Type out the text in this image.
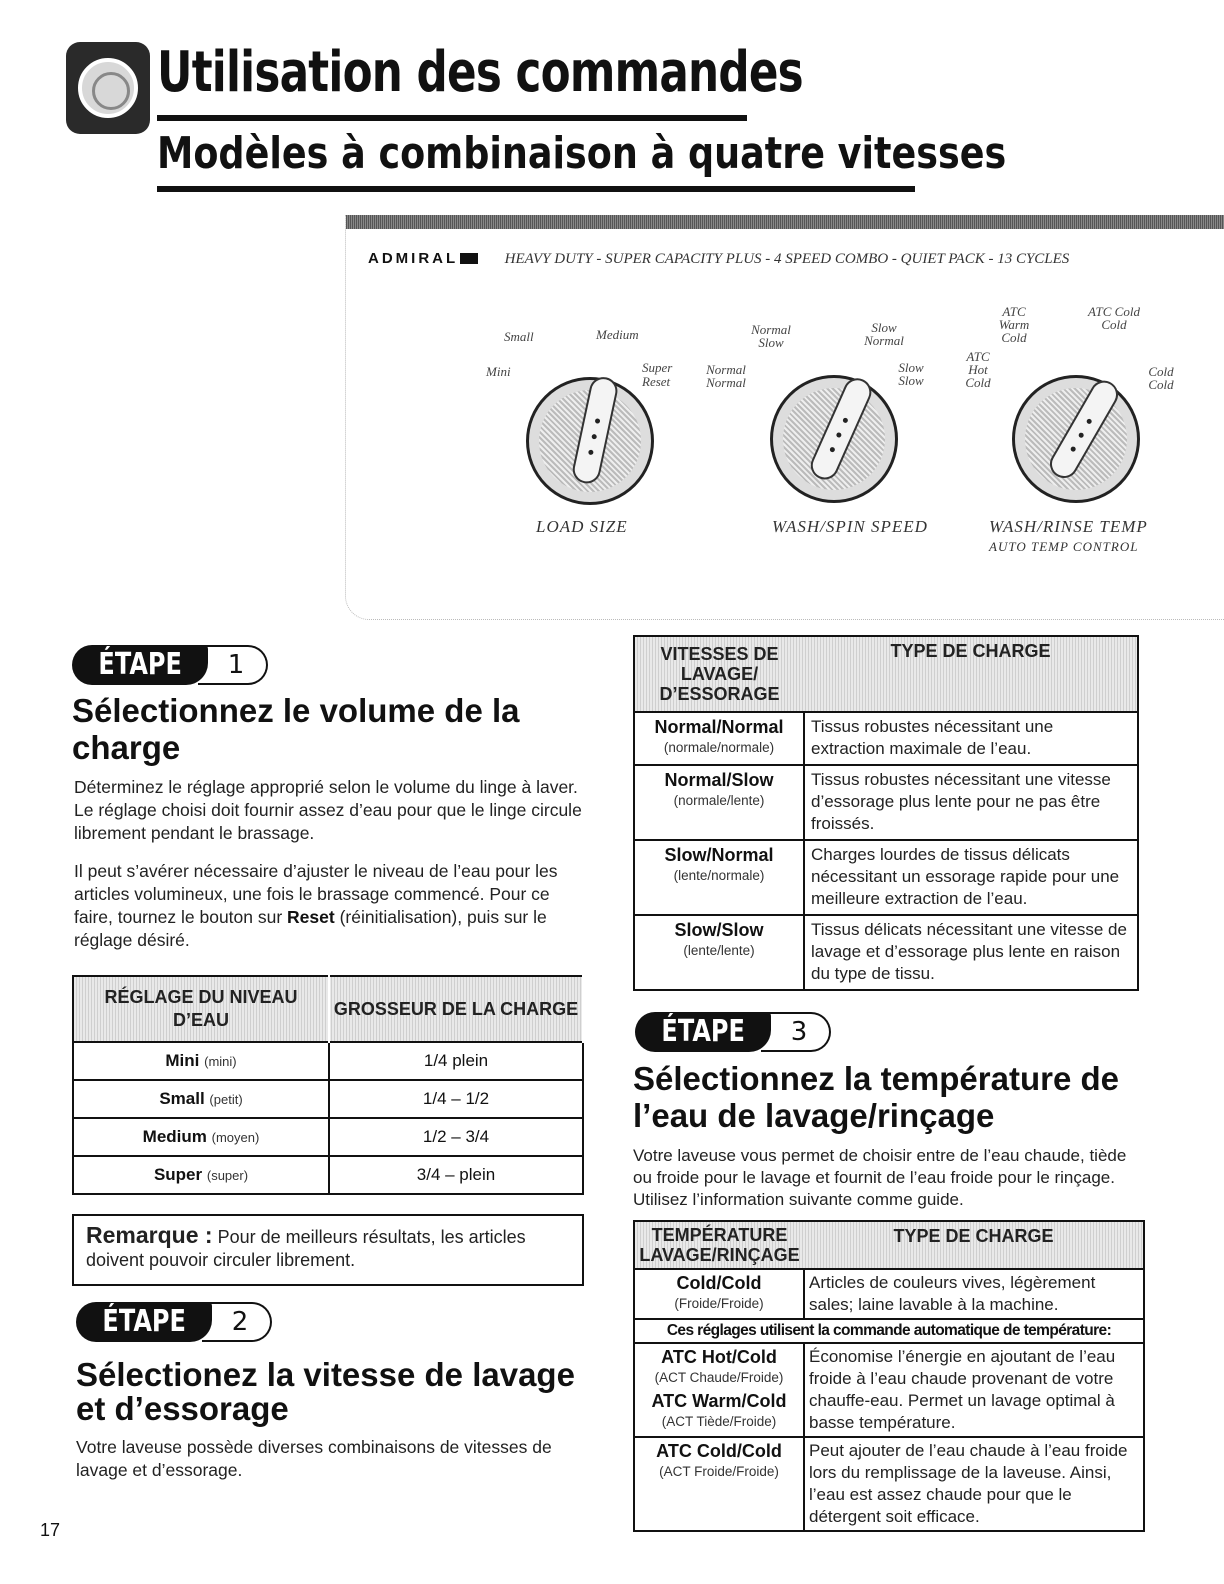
Utilisation des commandes
Modèles à combinaison à quatre vitesses
ADMIRAL	HEAVY DUTY - SUPER CAPACITY PLUS - 4 SPEED COMBO - QUIET PACK - 13 CYCLES
Small	Medium
Mini	Super
Reset
LOAD SIZE
Normal Slow
Slow Normal
Normal Normal
Slow Slow
WASH/SPIN SPEED
ATC Warm Cold
ATC Cold Cold
ATC Hot Cold
Cold Cold
WASH/RINSE TEMP
AUTO TEMP CONTROL
ÉTAPE	1
Sélectionnez le volume de la charge
Déterminez le réglage approprié selon le volume du linge à laver. Le réglage choisi doit fournir assez d’eau pour que le linge circule librement pendant le brassage.
Il peut s’avérer nécessaire d’ajuster le niveau de l’eau pour les articles volumineux, une fois le brassage commencé. Pour ce faire, tournez le bouton sur Reset (réinitialisation), puis sur le réglage désiré.
RÉGLAGE DU NIVEAU D’EAU	GROSSEUR DE LA CHARGE
Mini (mini)	1/4 plein
Small (petit)	1/4 – 1/2
Medium (moyen)	1/2 – 3/4
Super (super)	3/4 – plein
Remarque : Pour de meilleurs résultats, les articles doivent pouvoir circuler librement.
ÉTAPE	2
Sélectionez la vitesse de lavage et d’essorage
Votre laveuse possède diverses combinaisons de vitesses de lavage et d’essorage.
VITESSES DE LAVAGE/ D’ESSORAGE	TYPE DE CHARGE

Normal/Normal
(normale/normale)	Tissus robustes nécessitant une extraction maximale de l’eau.

Normal/Slow
(normale/lente)	Tissus robustes nécessitant une vitesse d’essorage plus lente pour ne pas être froissés.

Slow/Normal
(lente/normale)	Charges lourdes de tissus délicats nécessitant un essorage rapide pour une meilleure extraction de l’eau.

Slow/Slow
(lente/lente)	Tissus délicats nécessitant une vitesse de lavage et d’essorage plus lente en raison du type de tissu.
ÉTAPE	3
Sélectionnez la température de l’eau de lavage/rinçage
Votre laveuse vous permet de choisir entre de l’eau chaude, tiède ou froide pour le lavage et fournit de l’eau froide pour le rinçage. Utilisez l’information suivante comme guide.
TEMPÉRATURE LAVAGE/RINÇAGE	TYPE DE CHARGE

Cold/Cold
(Froide/Froide)	Articles de couleurs vives, légèrement sales; laine lavable à la machine.
Ces réglages utilisent la commande automatique de température:	

ATC Hot/Cold
(ACT Chaude/Froide)
ATC Warm/Cold
(ACT Tiède/Froide)	Économise l’énergie en ajoutant de l’eau froide à l’eau chaude provenant de votre chauffe-eau. Permet un lavage optimal à basse température.

ATC Cold/Cold
(ACT Froide/Froide)	Peut ajouter de l’eau chaude à l’eau froide lors du remplissage de la laveuse. Ainsi, l’eau est assez chaude pour que le détergent soit efficace.
17
